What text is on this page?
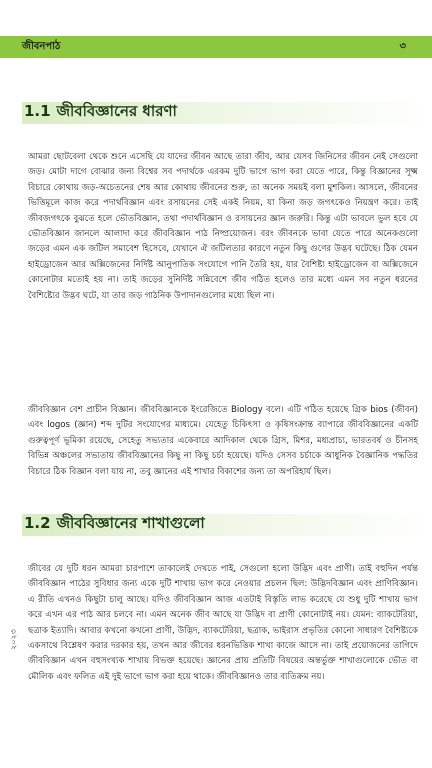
জীবনপাঠ	৩
1.1 জীববিজ্ঞানের ধারণা

আমরা ছোটবেলা থেকে শুনে এসেছি যে যাদের জীবন আছে তারা জীব, আর যেসব জিনিসের জীবন নেই সেগুলো জড়। মোটা দাগে বোঝার জন্য বিশ্বের সব পদার্থকে এরকম দুটি ভাগে ভাগ করা যেতে পারে, কিন্তু বিজ্ঞানের সূক্ষ্ম বিচারে কোথায় জড়-অচেতনের শেষ আর কোথায় জীবনের শুরু, তা অনেক সময়ই বলা মুশকিল। আসলে, জীবনের ভিত্তিমূলে কাজ করে পদার্থবিজ্ঞান এবং রসায়নের সেই একই নিয়ম, যা কিনা জড় জগৎকেও নিয়ন্ত্রণ করে। তাই জীবজগৎকে বুঝতে হলে ভৌতবিজ্ঞান, তথা পদার্থবিজ্ঞান ও রসায়নের জ্ঞান জরুরি। কিন্তু এটা ভাবলে ভুল হবে যে ভৌতবিজ্ঞান জানলে আলাদা করে জীববিজ্ঞান পাঠ নিষ্প্রয়োজন। বরং জীবনকে ভাবা যেতে পারে অনেকগুলো জড়ের এমন এক জটিল সমাবেশ হিসেবে, যেখানে ঐ জটিলতার কারণে নতুন কিছু গুণের উদ্ভব ঘটেছে। ঠিক যেমন হাইড্রোজেন আর অক্সিজেনের নির্দিষ্ট আনুপাতিক সংযোগে পানি তৈরি হয়, যার বৈশিষ্ট্য হাইড্রোজেন বা অক্সিজেনে কোনোটার মতোই হয় না। তাই জড়ের সুনির্দিষ্ট সন্নিবেশে জীব গঠিত হলেও তার মধ্যে এমন সব নতুন ধরনের বৈশিষ্ট্যের উদ্ভব ঘটে, যা তার জড় গাঠনিক উপাদানগুলোর মধ্যে ছিল না।

জীববিজ্ঞান বেশ প্রাচীন বিজ্ঞান। জীববিজ্ঞানকে ইংরেজিতে Biology বলে। এটি গঠিত হয়েছে গ্রিক bios (জীবন) এবং logos (জ্ঞান) শব্দ দুটির সংযোগের মাধ্যমে। যেহেতু চিকিৎসা ও কৃষিসংক্রান্ত ব্যাপারে জীববিজ্ঞানের একটি গুরুত্বপূর্ণ ভূমিকা রয়েছে, সেহেতু সভ্যতার একেবারে আদিকাল থেকে গ্রিস, মিশর, মধ্যপ্রাচ্য, ভারতবর্ষ ও চীনসহ বিভিন্ন অঞ্চলের সভ্যতায় জীববিজ্ঞানের কিছু না কিছু চর্চা হয়েছে। যদিও সেসব চর্চাকে আধুনিক বৈজ্ঞানিক পদ্ধতির বিচারে ঠিক বিজ্ঞান বলা যায় না, তবু জ্ঞানের এই শাখার বিকাশের জন্য তা অপরিহার্য ছিল।

1.2 জীববিজ্ঞানের শাখাগুলো

জীবের যে দুটি ধরন আমরা চারপাশে তাকালেই দেখতে পাই, সেগুলো হলো উদ্ভিদ এবং প্রাণী। তাই বহুদিন পর্যন্ত জীববিজ্ঞান পাঠের সুবিধার জন্য একে দুটি শাখায় ভাগ করে নেওয়ার প্রচলন ছিল: উদ্ভিদবিজ্ঞান এবং প্রাণিবিজ্ঞান। এ রীতি এখনও কিছুটা চালু আছে। যদিও জীববিজ্ঞান আজ এতটাই বিস্তৃতি লাভ করেছে যে শুধু দুটি শাখায় ভাগ করে এখন এর পাঠ আর চলবে না। এমন অনেক জীব আছে যা উদ্ভিদ বা প্রাণী কোনোটাই নয়। যেমন: ব্যাকটেরিয়া, ছত্রাক ইত্যাদি। আবার কখনো কখনো প্রাণী, উদ্ভিদ, ব্যাকটেরিয়া, ছত্রাক, ভাইরাস প্রভৃতির কোনো সাধারণ বৈশিষ্ট্যকে একসাথে বিশ্লেষণ করার দরকার হয়, তখন আর জীবের ধরনভিত্তিক শাখা কাজে আসে না। তাই প্রয়োজনের তাগিদে জীববিজ্ঞান এখন বহুসংখ্যক শাখায় বিভক্ত হয়েছে। জ্ঞানের প্রায় প্রতিটি বিষয়ের অন্তর্ভুক্ত শাখাগুলোকে ভৌত বা মৌলিক এবং ফলিত এই দুই ভাগে ভাগ করা হয়ে থাকে। জীববিজ্ঞানও তার ব্যতিক্রম নয়।

২০২৩
